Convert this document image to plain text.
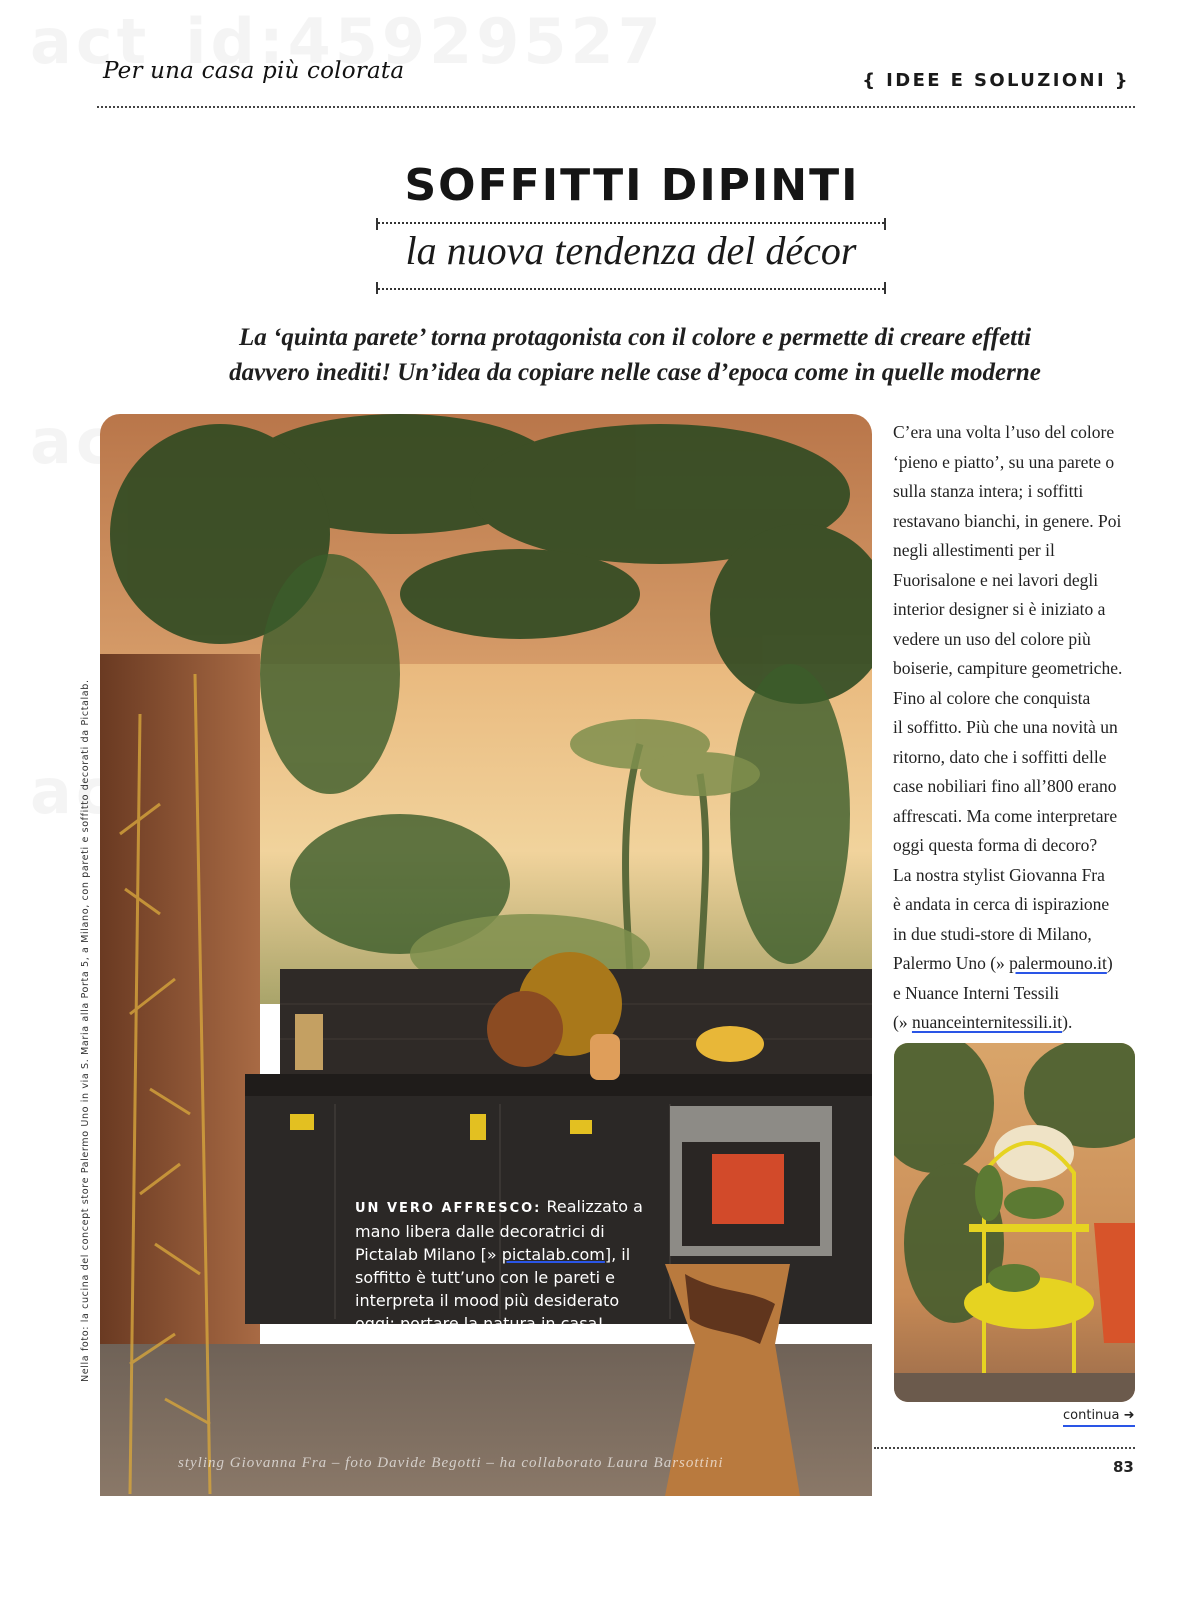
Per una casa più colorata	{ IDEE E SOLUZIONI }
SOFFITTI DIPINTI
la nuova tendenza del décor
La ‘quinta parete’ torna protagonista con il colore e permette di creare effetti
davvero inediti! Un’idea da copiare nelle case d’epoca come in quelle moderne
UN VERO AFFRESCO: Realizzato a mano libera dalle decoratrici di Pictalab Milano [» pictalab.com], il soffitto è tutt’uno con le pareti e interpreta il mood più desiderato oggi: portare la natura in casa!
styling Giovanna Fra – foto Davide Begotti – ha collaborato Laura Barsottini
Nella foto: la cucina del concept store Palermo Uno in via S. Maria alla Porta 5, a Milano, con pareti e soffitto decorati da Pictalab.
C’era una volta l’uso del colore
‘pieno e piatto’, su una parete o
sulla stanza intera; i soffitti
restavano bianchi, in genere. Poi
negli allestimenti per il
Fuorisalone e nei lavori degli
interior designer si è iniziato a
vedere un uso del colore più
boiserie, campiture geometriche.
Fino al colore che conquista
il soffitto. Più che una novità un
ritorno, dato che i soffitti delle
case nobiliari fino all’800 erano
affrescati. Ma come interpretare
oggi questa forma di decoro?
La nostra stylist Giovanna Fra
è andata in cerca di ispirazione
in due studi-store di Milano,
Palermo Uno (» palermouno.it)
e Nuance Interni Tessili
(» nuanceinternitessili.it).
continua ➜
83
